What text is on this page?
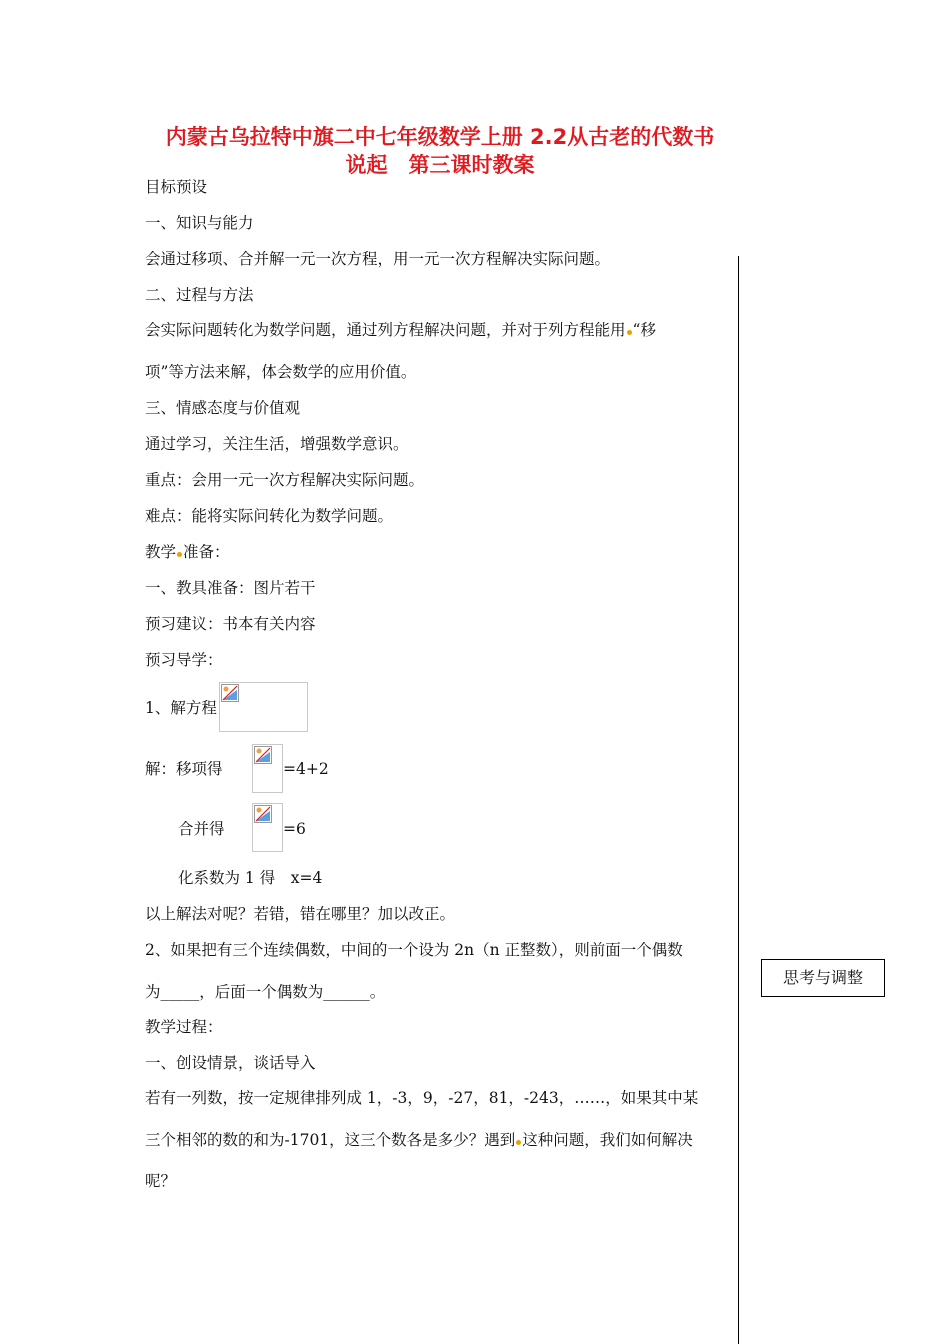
内蒙古乌拉特中旗二中七年级数学上册 2.2从古老的代数书
说起　第三课时教案
目标预设
一、知识与能力
会通过移项、合并解一元一次方程，用一元一次方程解决实际问题。
二、过程与方法
会实际问题转化为数学问题，通过列方程解决问题，并对于列方程能用 “移
项”等方法来解，体会数学的应用价值。
三、情感态度与价值观
通过学习，关注生活，增强数学意识。
重点：会用一元一次方程解决实际问题。
难点：能将实际问转化为数学问题。
教学 准备：
一、教具准备：图片若干
预习建议：书本有关内容
预习导学：
1、解方程
解：移项得	=4+2
合并得	=6
化系数为 1 得　x=4
以上解法对呢？若错，错在哪里？加以改正。
2、如果把有三个连续偶数，中间的一个设为 2n（n 正整数），则前面一个偶数
为_____，后面一个偶数为______。
教学过程：
一、创设情景，谈话导入
若有一列数，按一定规律排列成 1，-3，9，-27，81，-243，……，如果其中某
三个相邻的数的和为-1701，这三个数各是多少？遇到 这种问题，我们如何解决
呢？
思考与调整
